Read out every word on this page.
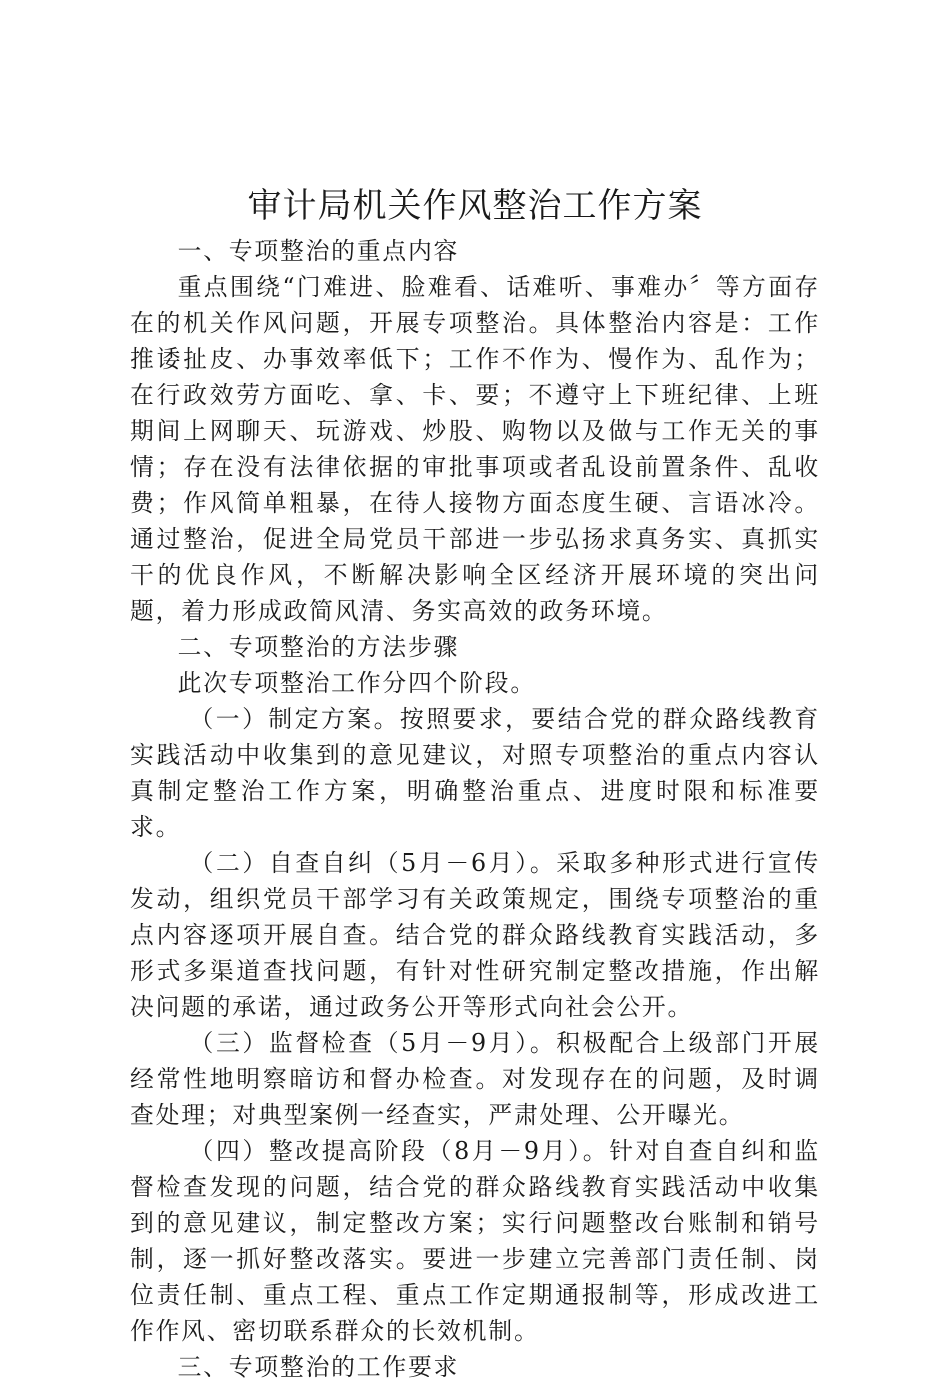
审计局机关作风整治工作方案

一、专项整治的重点内容

重点围绕“门难进、脸难看、话难听、事难办〞等方面存在的机关作风问题，开展专项整治。具体整治内容是：工作推诿扯皮、办事效率低下；工作不作为、慢作为、乱作为；在行政效劳方面吃、拿、卡、要；不遵守上下班纪律、上班期间上网聊天、玩游戏、炒股、购物以及做与工作无关的事情；存在没有法律依据的审批事项或者乱设前置条件、乱收费；作风简单粗暴，在待人接物方面态度生硬、言语冰冷。通过整治，促进全局党员干部进一步弘扬求真务实、真抓实干的优良作风，不断解决影响全区经济开展环境的突出问题，着力形成政简风清、务实高效的政务环境。

二、专项整治的方法步骤

此次专项整治工作分四个阶段。

（一）制定方案。按照要求，要结合党的群众路线教育实践活动中收集到的意见建议，对照专项整治的重点内容认真制定整治工作方案，明确整治重点、进度时限和标准要求。

（二）自查自纠（5月－6月）。采取多种形式进行宣传发动，组织党员干部学习有关政策规定，围绕专项整治的重点内容逐项开展自查。结合党的群众路线教育实践活动，多形式多渠道查找问题，有针对性研究制定整改措施，作出解决问题的承诺，通过政务公开等形式向社会公开。

（三）监督检查（5月－9月）。积极配合上级部门开展经常性地明察暗访和督办检查。对发现存在的问题，及时调查处理；对典型案例一经查实，严肃处理、公开曝光。

（四）整改提高阶段（8月－9月）。针对自查自纠和监督检查发现的问题，结合党的群众路线教育实践活动中收集到的意见建议，制定整改方案；实行问题整改台账制和销号制，逐一抓好整改落实。要进一步建立完善部门责任制、岗位责任制、重点工程、重点工作定期通报制等，形成改进工作作风、密切联系群众的长效机制。

三、专项整治的工作要求
